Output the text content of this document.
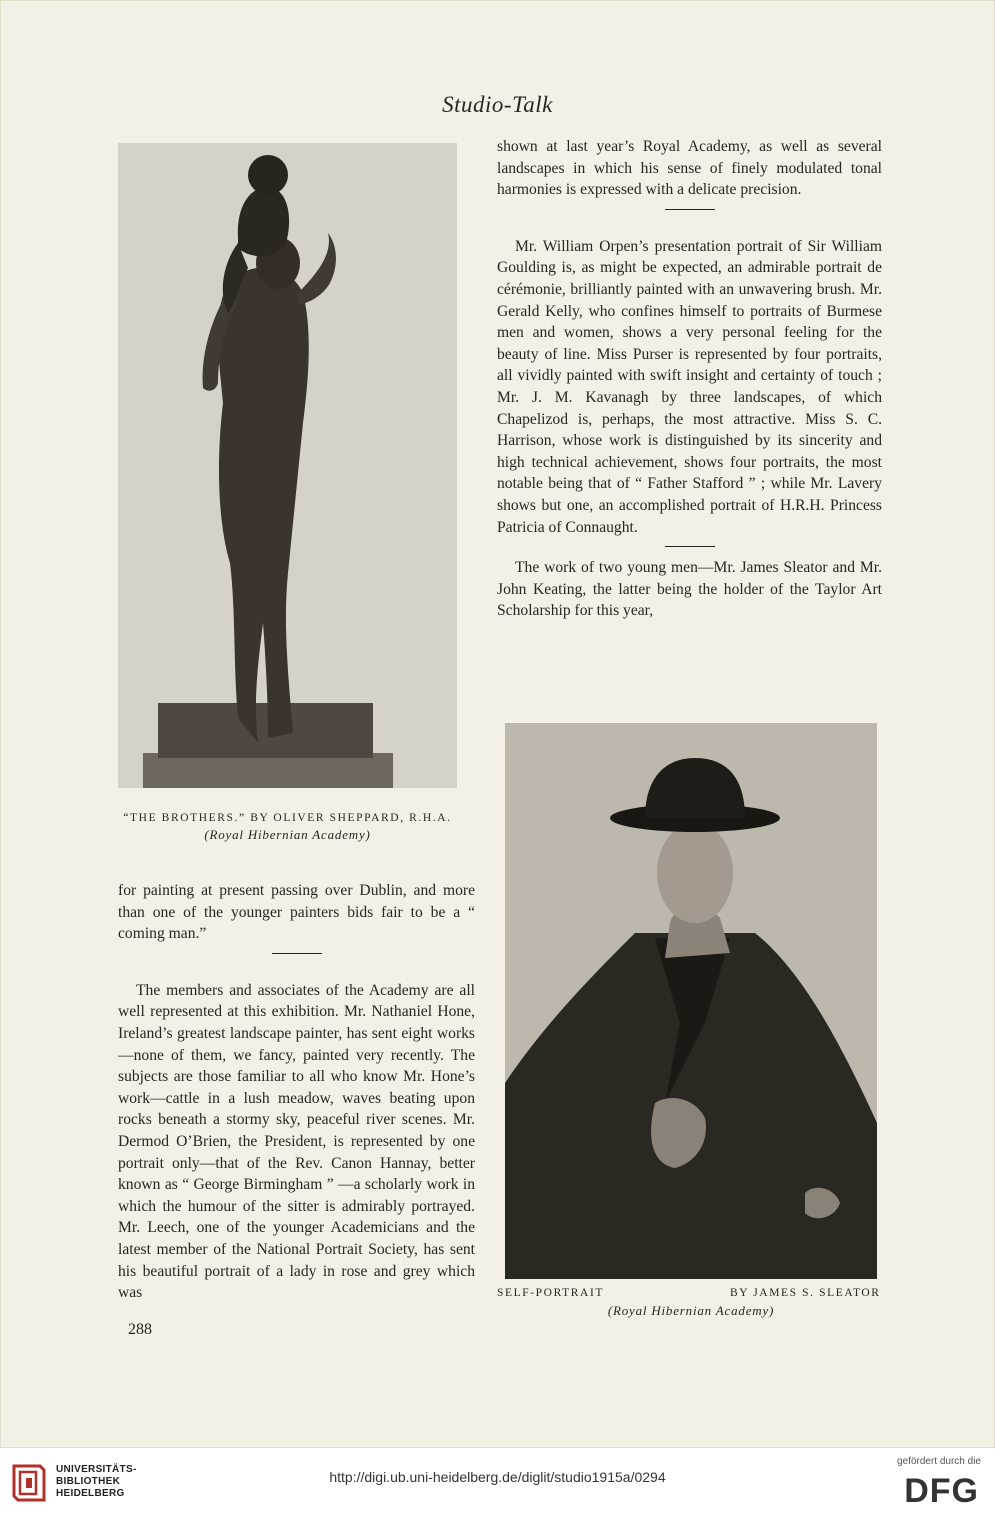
Studio-Talk
“THE BROTHERS.” BY OLIVER SHEPPARD, R.H.A.
(Royal Hibernian Academy)
SELF-PORTRAIT	BY JAMES S. SLEATOR
(Royal Hibernian Academy)

shown at last year’s Royal Academy, as well as several landscapes in which his sense of finely modulated tonal harmonies is expressed with a delicate precision.

Mr. William Orpen’s presentation portrait of Sir William Goulding is, as might be expected, an admirable portrait de cérémonie, brilliantly painted with an unwavering brush. Mr. Gerald Kelly, who confines himself to portraits of Burmese men and women, shows a very personal feeling for the beauty of line. Miss Purser is represented by four portraits, all vividly painted with swift insight and certainty of touch ; Mr. J. M. Kavanagh by three landscapes, of which Chapelizod is, perhaps, the most attractive. Miss S. C. Harrison, whose work is distinguished by its sincerity and high technical achievement, shows four portraits, the most notable being that of “ Father Stafford ” ; while Mr. Lavery shows but one, an accomplished portrait of H.R.H. Princess Patricia of Connaught.

The work of two young men—Mr. James Sleator and Mr. John Keating, the latter being the holder of the Taylor Art Scholarship for this year,

for painting at present passing over Dublin, and more than one of the younger painters bids fair to be a “ coming man.”

The members and associates of the Academy are all well represented at this exhibition. Mr. Nathaniel Hone, Ireland’s greatest landscape painter, has sent eight works—none of them, we fancy, painted very recently. The subjects are those familiar to all who know Mr. Hone’s work—cattle in a lush meadow, waves beating upon rocks beneath a stormy sky, peaceful river scenes. Mr. Dermod O’Brien, the President, is represented by one portrait only—that of the Rev. Canon Hannay, better known as “ George Birmingham ” —a scholarly work in which the humour of the sitter is admirably portrayed. Mr. Leech, one of the younger Academicians and the latest member of the National Portrait Society, has sent his beautiful portrait of a lady in rose and grey which was

288
UNIVERSITÄTS-
BIBLIOTHEK
HEIDELBERG
http://digi.ub.uni-heidelberg.de/diglit/studio1915a/0294
gefördert durch die
DFG
